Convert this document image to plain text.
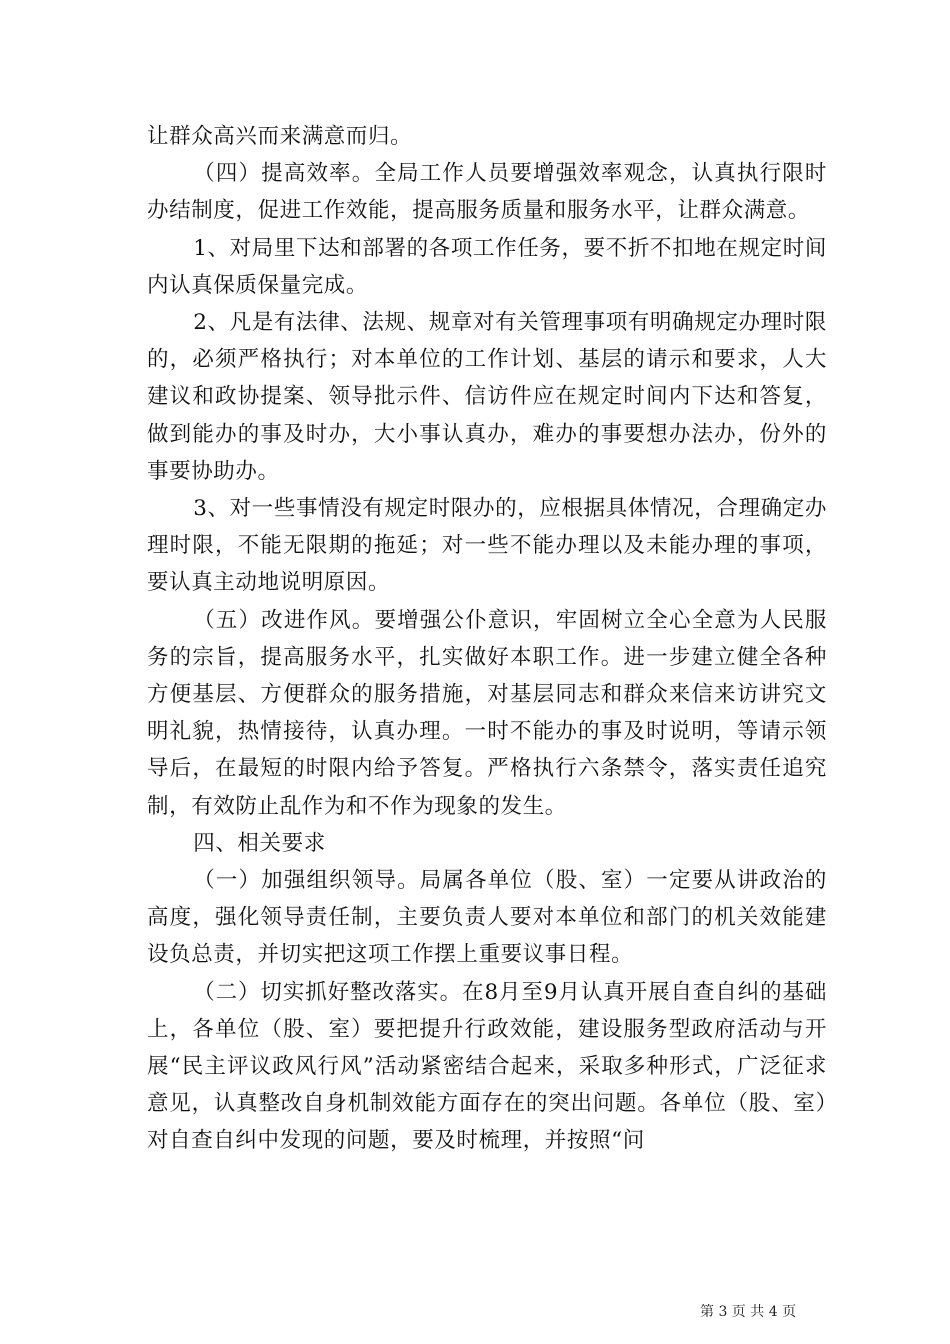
让群众高兴而来满意而归。

（四）提高效率。全局工作人员要增强效率观念，认真执行限时办结制度，促进工作效能，提高服务质量和服务水平，让群众满意。

1、对局里下达和部署的各项工作任务，要不折不扣地在规定时间内认真保质保量完成。

2、凡是有法律、法规、规章对有关管理事项有明确规定办理时限的，必须严格执行；对本单位的工作计划、基层的请示和要求，人大建议和政协提案、领导批示件、信访件应在规定时间内下达和答复，做到能办的事及时办，大小事认真办，难办的事要想办法办，份外的事要协助办。

3、对一些事情没有规定时限办的，应根据具体情况，合理确定办理时限，不能无限期的拖延；对一些不能办理以及未能办理的事项，要认真主动地说明原因。

（五）改进作风。要增强公仆意识，牢固树立全心全意为人民服务的宗旨，提高服务水平，扎实做好本职工作。进一步建立健全各种方便基层、方便群众的服务措施，对基层同志和群众来信来访讲究文明礼貌，热情接待，认真办理。一时不能办的事及时说明，等请示领导后，在最短的时限内给予答复。严格执行六条禁令，落实责任追究制，有效防止乱作为和不作为现象的发生。

四、相关要求

（一）加强组织领导。局属各单位（股、室）一定要从讲政治的高度，强化领导责任制，主要负责人要对本单位和部门的机关效能建设负总责，并切实把这项工作摆上重要议事日程。

（二）切实抓好整改落实。在8月至9月认真开展自查自纠的基础上，各单位（股、室）要把提升行政效能，建设服务型政府活动与开展“民主评议政风行风”活动紧密结合起来，采取多种形式，广泛征求意见，认真整改自身机制效能方面存在的突出问题。各单位（股、室）对自查自纠中发现的问题，要及时梳理，并按照“问

第 3 页 共 4 页
